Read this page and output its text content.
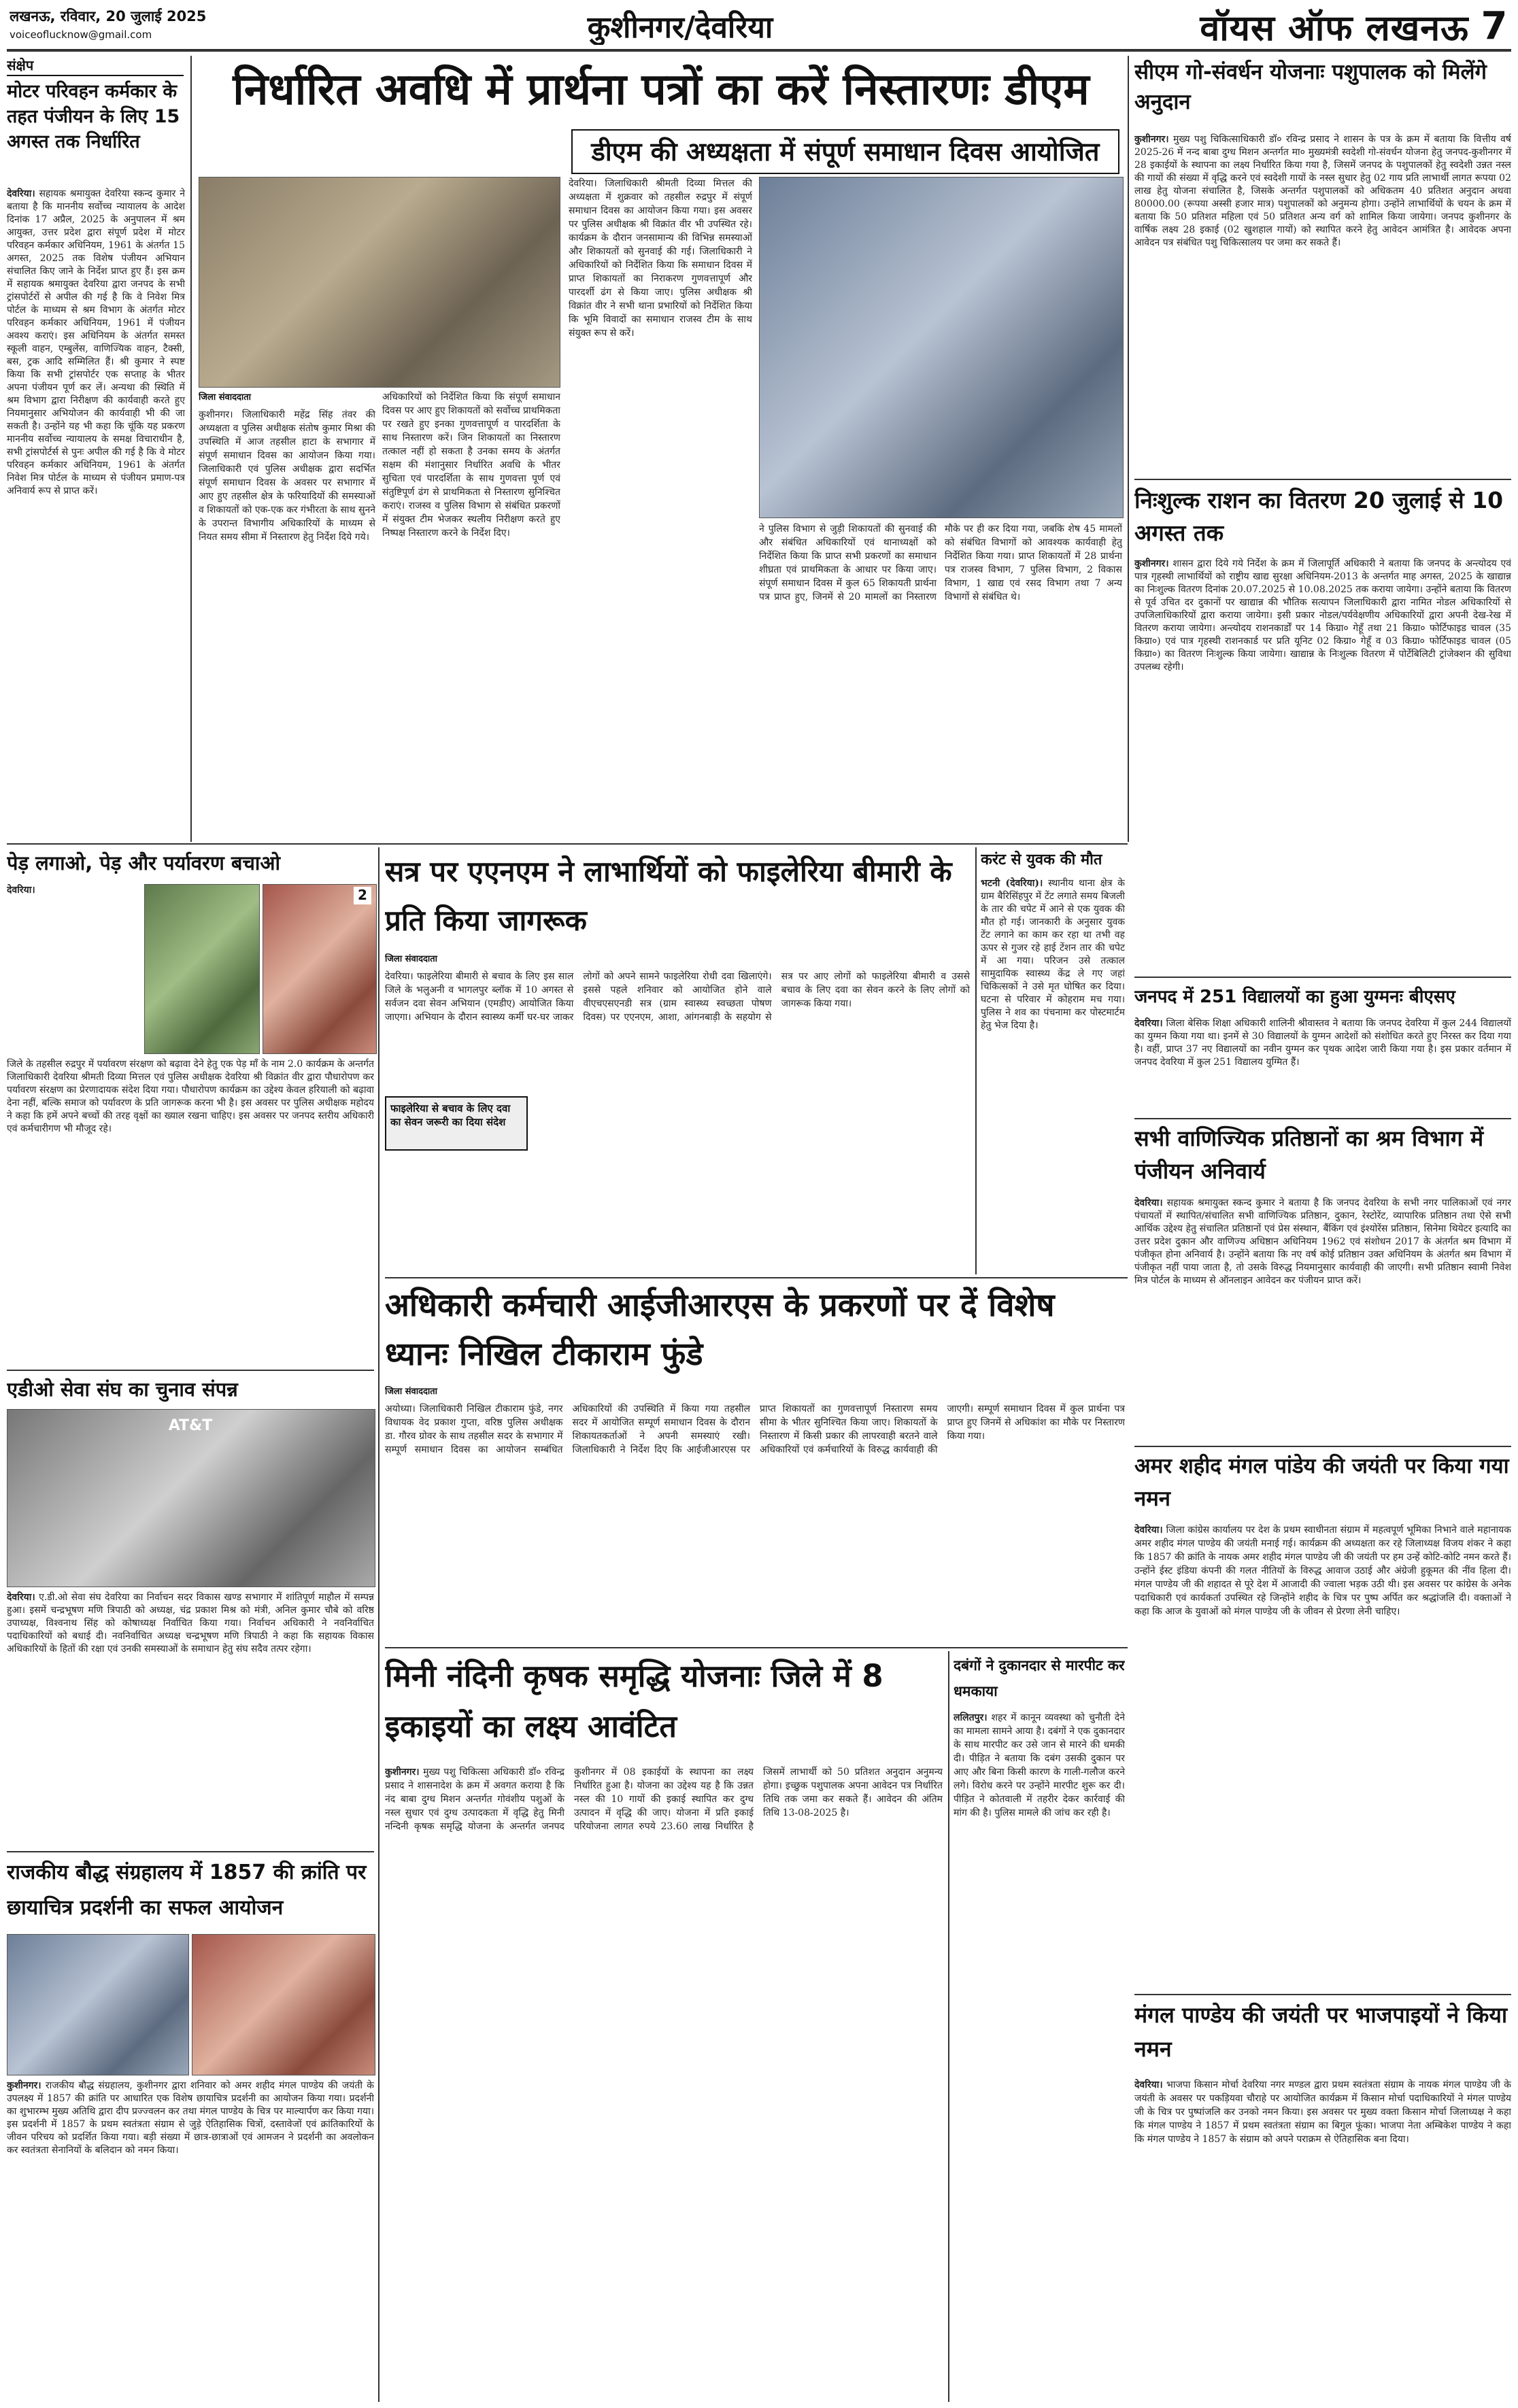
लखनऊ, रविवार, 20 जुलाई 2025
voiceoflucknow@gmail.com	कुशीनगर/देवरिया	वॉयस ऑफ लखनऊ 7
संक्षेप
मोटर परिवहन कर्मकार के तहत पंजीयन के लिए 15 अगस्त तक निर्धारित
देवरिया। सहायक श्रमायुक्त देवरिया स्कन्द कुमार ने बताया है कि माननीय सर्वोच्च न्यायालय के आदेश दिनांक 17 अप्रैल, 2025 के अनुपालन में श्रम आयुक्त, उत्तर प्रदेश द्वारा संपूर्ण प्रदेश में मोटर परिवहन कर्मकार अधिनियम, 1961 के अंतर्गत 15 अगस्त, 2025 तक विशेष पंजीयन अभियान संचालित किए जाने के निर्देश प्राप्त हुए हैं। इस क्रम में सहायक श्रमायुक्त देवरिया द्वारा जनपद के सभी ट्रांसपोर्टरों से अपील की गई है कि वे निवेश मित्र पोर्टल के माध्यम से श्रम विभाग के अंतर्गत मोटर परिवहन कर्मकार अधिनियम, 1961 में पंजीयन अवश्य कराएं। इस अधिनियम के अंतर्गत समस्त स्कूली वाहन, एम्बुलेंस, वाणिज्यिक वाहन, टैक्सी, बस, ट्रक आदि सम्मिलित हैं। श्री कुमार ने स्पष्ट किया कि सभी ट्रांसपोर्टर एक सप्ताह के भीतर अपना पंजीयन पूर्ण कर लें। अन्यथा की स्थिति में श्रम विभाग द्वारा निरीक्षण की कार्यवाही करते हुए नियमानुसार अभियोजन की कार्यवाही भी की जा सकती है। उन्होंने यह भी कहा कि चूंकि यह प्रकरण माननीय सर्वोच्च न्यायालय के समक्ष विचाराधीन है, सभी ट्रांसपोर्टर्स से पुनः अपील की गई है कि वे मोटर परिवहन कर्मकार अधिनियम, 1961 के अंतर्गत निवेश मित्र पोर्टल के माध्यम से पंजीयन प्रमाण-पत्र अनिवार्य रूप से प्राप्त करें।
निर्धारित अवधि में प्रार्थना पत्रों का करें निस्तारणः डीएम
डीएम की अध्यक्षता में संपूर्ण समाधान दिवस आयोजित
जिला संवाददाता
कुशीनगर। जिलाधिकारी महेंद्र सिंह तंवर की अध्यक्षता व पुलिस अधीक्षक संतोष कुमार मिश्रा की उपस्थिति में आज तहसील हाटा के सभागार में संपूर्ण समाधान दिवस का आयोजन किया गया। जिलाधिकारी एवं पुलिस अधीक्षक द्वारा सदर्भित संपूर्ण समाधान दिवस के अवसर पर सभागार में आए हुए तहसील क्षेत्र के फरियादियों की समस्याओं व शिकायतों को एक-एक कर गंभीरता के साथ सुनने के उपरान्त विभागीय अधिकारियों के माध्यम से नियत समय सीमा में निस्तारण हेतु निर्देश दिये गये।
अधिकारियों को निर्देशित किया कि संपूर्ण समाधान दिवस पर आए हुए शिकायतों को सर्वोच्च प्राथमिकता पर रखते हुए इनका गुणवत्तापूर्ण व पारदर्शिता के साथ निस्तारण करें। जिन शिकायतों का निस्तारण तत्काल नहीं हो सकता है उनका समय के अंतर्गत सक्षम की मंशानुसार निर्धारित अवधि के भीतर सुचिता एवं पारदर्शिता के साथ गुणवत्ता पूर्ण एवं संतुष्टिपूर्ण ढंग से प्राथमिकता से निस्तारण सुनिश्चित कराएं। राजस्व व पुलिस विभाग से संबंधित प्रकरणों में संयुक्त टीम भेजकर स्थलीय निरीक्षण करते हुए निष्पक्ष निस्तारण करने के निर्देश दिए।
देवरिया। जिलाधिकारी श्रीमती दिव्या मित्तल की अध्यक्षता में शुक्रवार को तहसील रुद्रपुर में संपूर्ण समाधान दिवस का आयोजन किया गया। इस अवसर पर पुलिस अधीक्षक श्री विक्रांत वीर भी उपस्थित रहे। कार्यक्रम के दौरान जनसामान्य की विभिन्न समस्याओं और शिकायतों को सुनवाई की गई। जिलाधिकारी ने अधिकारियों को निर्देशित किया कि समाधान दिवस में प्राप्त शिकायतों का निराकरण गुणवत्तापूर्ण और पारदर्शी ढंग से किया जाए। पुलिस अधीक्षक श्री विक्रांत वीर ने सभी थाना प्रभारियों को निर्देशित किया कि भूमि विवादों का समाधान राजस्व टीम के साथ संयुक्त रूप से करें।
ने पुलिस विभाग से जुड़ी शिकायतों की सुनवाई की और संबंधित अधिकारियों एवं थानाध्यक्षों को निर्देशित किया कि प्राप्त सभी प्रकरणों का समाधान शीघ्रता एवं प्राथमिकता के आधार पर किया जाए। संपूर्ण समाधान दिवस में कुल 65 शिकायती प्रार्थना पत्र प्राप्त हुए, जिनमें से 20 मामलों का निस्तारण मौके पर ही कर दिया गया, जबकि शेष 45 मामलों को संबंधित विभागों को आवश्यक कार्यवाही हेतु निर्देशित किया गया। प्राप्त शिकायतों में 28 प्रार्थना पत्र राजस्व विभाग, 7 पुलिस विभाग, 2 विकास विभाग, 1 खाद्य एवं रसद विभाग तथा 7 अन्य विभागों से संबंधित थे।
सीएम गो-संवर्धन योजनाः पशुपालक को मिलेंगे अनुदान
कुशीनगर। मुख्य पशु चिकित्साधिकारी डॉ० रविन्द्र प्रसाद ने शासन के पत्र के क्रम में बताया कि वित्तीय वर्ष 2025-26 में नन्द बाबा दुग्ध मिशन अन्तर्गत मा० मुख्यमंत्री स्वदेशी गो-संवर्धन योजना हेतु जनपद-कुशीनगर में 28 इकाईयों के स्थापना का लक्ष्य निर्धारित किया गया है, जिसमें जनपद के पशुपालकों हेतु स्वदेशी उन्नत नस्ल की गायों की संख्या में वृद्धि करने एवं स्वदेशी गायों के नस्ल सुधार हेतु 02 गाय प्रति लाभार्थी लागत रूपया 02 लाख हेतु योजना संचालित है, जिसके अन्तर्गत पशुपालकों को अधिकतम 40 प्रतिशत अनुदान अथवा 80000.00 (रूपया अस्सी हजार मात्र) पशुपालकों को अनुमन्य होगा। उन्होंने लाभार्थियों के चयन के क्रम में बताया कि 50 प्रतिशत महिला एवं 50 प्रतिशत अन्य वर्ग को शामिल किया जायेगा। जनपद कुशीनगर के वार्षिक लक्ष्य 28 इकाई (02 खुशहाल गायों) को स्थापित करने हेतु आवेदन आमंत्रित है। आवेदक अपना आवेदन पत्र संबंधित पशु चिकित्सालय पर जमा कर सकते हैं।
निःशुल्क राशन का वितरण 20 जुलाई से 10 अगस्त तक
कुशीनगर। शासन द्वारा दिये गये निर्देश के क्रम में जिलापूर्ति अधिकारी ने बताया कि जनपद के अन्त्योदय एवं पात्र गृहस्थी लाभार्थियों को राष्ट्रीय खाद्य सुरक्षा अधिनियम-2013 के अन्तर्गत माह अगस्त, 2025 के खाद्यान्न का निःशुल्क वितरण दिनांक 20.07.2025 से 10.08.2025 तक कराया जायेगा। उन्होंने बताया कि वितरण से पूर्व उचित दर दुकानों पर खाद्यान्न की भौतिक सत्यापन जिलाधिकारी द्वारा नामित नोडल अधिकारियों से उपजिलाधिकारियों द्वारा कराया जायेगा। इसी प्रकार नोडल/पर्यवेक्षणीय अधिकारियों द्वारा अपनी देख-रेख में वितरण कराया जायेगा। अन्त्योदय राशनकार्डों पर 14 किग्रा० गेहूँ तथा 21 किग्रा० फोर्टिफाइड चावल (35 किग्रा०) एवं पात्र गृहस्थी राशनकार्ड पर प्रति यूनिट 02 किग्रा० गेहूँ व 03 किग्रा० फोर्टिफाइड चावल (05 किग्रा०) का वितरण निःशुल्क किया जायेगा। खाद्यान्न के निःशुल्क वितरण में पोर्टेबिलिटी ट्रांजेक्शन की सुविधा उपलब्ध रहेगी।
जनपद में 251 विद्यालयों का हुआ युग्मनः बीएसए
देवरिया। जिला बेसिक शिक्षा अधिकारी शालिनी श्रीवास्तव ने बताया कि जनपद देवरिया में कुल 244 विद्यालयों का युग्मन किया गया था। इनमें से 30 विद्यालयों के युग्मन आदेशों को संशोधित करते हुए निरस्त कर दिया गया है। वहीं, प्राप्त 37 नए विद्यालयों का नवीन युग्मन कर पृथक आदेश जारी किया गया है। इस प्रकार वर्तमान में जनपद देवरिया में कुल 251 विद्यालय युग्मित हैं।
सभी वाणिज्यिक प्रतिष्ठानों का श्रम विभाग में पंजीयन अनिवार्य
देवरिया। सहायक श्रमायुक्त स्कन्द कुमार ने बताया है कि जनपद देवरिया के सभी नगर पालिकाओं एवं नगर पंचायतों में स्थापित/संचालित सभी वाणिज्यिक प्रतिष्ठान, दुकान, रेस्टोरेंट, व्यापारिक प्रतिष्ठान तथा ऐसे सभी आर्थिक उद्देश्य हेतु संचालित प्रतिष्ठानों एवं प्रेस संस्थान, बैंकिंग एवं इंश्योरेंस प्रतिष्ठान, सिनेमा थियेटर इत्यादि का उत्तर प्रदेश दुकान और वाणिज्य अधिष्ठान अधिनियम 1962 एवं संशोधन 2017 के अंतर्गत श्रम विभाग में पंजीकृत होना अनिवार्य है। उन्होंने बताया कि नए वर्ष कोई प्रतिष्ठान उक्त अधिनियम के अंतर्गत श्रम विभाग में पंजीकृत नहीं पाया जाता है, तो उसके विरुद्ध नियमानुसार कार्यवाही की जाएगी। सभी प्रतिष्ठान स्वामी निवेश मित्र पोर्टल के माध्यम से ऑनलाइन आवेदन कर पंजीयन प्राप्त करें।
अमर शहीद मंगल पांडेय की जयंती पर किया गया नमन
देवरिया। जिला कांग्रेस कार्यालय पर देश के प्रथम स्वाधीनता संग्राम में महत्वपूर्ण भूमिका निभाने वाले महानायक अमर शहीद मंगल पाण्डेय की जयंती मनाई गई। कार्यक्रम की अध्यक्षता कर रहे जिलाध्यक्ष विजय शंकर ने कहा कि 1857 की क्रांति के नायक अमर शहीद मंगल पाण्डेय जी की जयंती पर हम उन्हें कोटि-कोटि नमन करते हैं। उन्होंने ईस्ट इंडिया कंपनी की गलत नीतियों के विरुद्ध आवाज उठाई और अंग्रेजी हुकूमत की नींव हिला दी। मंगल पाण्डेय जी की शहादत से पूरे देश में आजादी की ज्वाला भड़क उठी थी। इस अवसर पर कांग्रेस के अनेक पदाधिकारी एवं कार्यकर्ता उपस्थित रहे जिन्होंने शहीद के चित्र पर पुष्प अर्पित कर श्रद्धांजलि दी। वक्ताओं ने कहा कि आज के युवाओं को मंगल पाण्डेय जी के जीवन से प्रेरणा लेनी चाहिए।
मंगल पाण्डेय की जयंती पर भाजपाइयों ने किया नमन
देवरिया। भाजपा किसान मोर्चा देवरिया नगर मण्डल द्वारा प्रथम स्वतंत्रता संग्राम के नायक मंगल पाण्डेय जी के जयंती के अवसर पर पकड़ियवा चौराहे पर आयोजित कार्यक्रम में किसान मोर्चा पदाधिकारियों ने मंगल पाण्डेय जी के चित्र पर पुष्पांजलि कर उनको नमन किया। इस अवसर पर मुख्य वक्ता किसान मोर्चा जिलाध्यक्ष ने कहा कि मंगल पाण्डेय ने 1857 में प्रथम स्वतंत्रता संग्राम का बिगुल फूंका। भाजपा नेता अम्बिकेश पाण्डेय ने कहा कि मंगल पाण्डेय ने 1857 के संग्राम को अपने पराक्रम से ऐतिहासिक बना दिया।
पेड़ लगाओ, पेड़ और पर्यावरण बचाओ
देवरिया।	2
जिले के तहसील रुद्रपुर में पर्यावरण संरक्षण को बढ़ावा देने हेतु एक पेड़ माँ के नाम 2.0 कार्यक्रम के अन्तर्गत जिलाधिकारी देवरिया श्रीमती दिव्या मित्तल एवं पुलिस अधीक्षक देवरिया श्री विक्रांत वीर द्वारा पौधारोपण कर पर्यावरण संरक्षण का प्रेरणादायक संदेश दिया गया। पौधारोपण कार्यक्रम का उद्देश्य केवल हरियाली को बढ़ावा देना नहीं, बल्कि समाज को पर्यावरण के प्रति जागरूक करना भी है। इस अवसर पर पुलिस अधीक्षक महोदय ने कहा कि हमें अपने बच्चों की तरह वृक्षों का ख्याल रखना चाहिए। इस अवसर पर जनपद स्तरीय अधिकारी एवं कर्मचारीगण भी मौजूद रहे।
एडीओ सेवा संघ का चुनाव संपन्न
AT&T
देवरिया। ए.डी.ओ सेवा संघ देवरिया का निर्वाचन सदर विकास खण्ड सभागार में शांतिपूर्ण माहौल में सम्पन्न हुआ। इसमें चन्द्रभूषण मणि त्रिपाठी को अध्यक्ष, चंद्र प्रकाश मिश्र को मंत्री, अनिल कुमार चौबे को वरिष्ठ उपाध्यक्ष, विश्वनाथ सिंह को कोषाध्यक्ष निर्वाचित किया गया। निर्वाचन अधिकारी ने नवनिर्वाचित पदाधिकारियों को बधाई दी। नवनिर्वाचित अध्यक्ष चन्द्रभूषण मणि त्रिपाठी ने कहा कि सहायक विकास अधिकारियों के हितों की रक्षा एवं उनकी समस्याओं के समाधान हेतु संघ सदैव तत्पर रहेगा।
राजकीय बौद्ध संग्रहालय में 1857 की क्रांति पर छायाचित्र प्रदर्शनी का सफल आयोजन
कुशीनगर। राजकीय बौद्ध संग्रहालय, कुशीनगर द्वारा शनिवार को अमर शहीद मंगल पाण्डेय की जयंती के उपलक्ष्य में 1857 की क्रांति पर आधारित एक विशेष छायाचित्र प्रदर्शनी का आयोजन किया गया। प्रदर्शनी का शुभारम्भ मुख्य अतिथि द्वारा दीप प्रज्ज्वलन कर तथा मंगल पाण्डेय के चित्र पर माल्यार्पण कर किया गया। इस प्रदर्शनी में 1857 के प्रथम स्वतंत्रता संग्राम से जुड़े ऐतिहासिक चित्रों, दस्तावेजों एवं क्रांतिकारियों के जीवन परिचय को प्रदर्शित किया गया। बड़ी संख्या में छात्र-छात्राओं एवं आमजन ने प्रदर्शनी का अवलोकन कर स्वतंत्रता सेनानियों के बलिदान को नमन किया।
सत्र पर एएनएम ने लाभार्थियों को फाइलेरिया बीमारी के प्रति किया जागरूक
जिला संवाददाता
फाइलेरिया से बचाव के लिए दवा का सेवन जरूरी का दिया संदेश
देवरिया। फाइलेरिया बीमारी से बचाव के लिए इस साल जिले के भलुअनी व भागलपुर ब्लॉक में 10 अगस्त से सर्वजन दवा सेवन अभियान (एमडीए) आयोजित किया जाएगा। अभियान के दौरान स्वास्थ्य कर्मी घर-घर जाकर लोगों को अपने सामने फाइलेरिया रोधी दवा खिलाएंगे। इससे पहले शनिवार को आयोजित होने वाले वीएचएसएनडी सत्र (ग्राम स्वास्थ्य स्वच्छता पोषण दिवस) पर एएनएम, आशा, आंगनबाड़ी के सहयोग से सत्र पर आए लोगों को फाइलेरिया बीमारी व उससे बचाव के लिए दवा का सेवन करने के लिए लोगों को जागरूक किया गया।
करंट से युवक की मौत
भटनी (देवरिया)। स्थानीय थाना क्षेत्र के ग्राम बैरिसिंहपुर में टेंट लगाते समय बिजली के तार की चपेट में आने से एक युवक की मौत हो गई। जानकारी के अनुसार युवक टेंट लगाने का काम कर रहा था तभी वह ऊपर से गुजर रहे हाई टेंशन तार की चपेट में आ गया। परिजन उसे तत्काल सामुदायिक स्वास्थ्य केंद्र ले गए जहां चिकित्सकों ने उसे मृत घोषित कर दिया। घटना से परिवार में कोहराम मच गया। पुलिस ने शव का पंचनामा कर पोस्टमार्टम हेतु भेज दिया है।
अधिकारी कर्मचारी आईजीआरएस के प्रकरणों पर दें विशेष ध्यानः निखिल टीकाराम फुंडे
जिला संवाददाता
अयोध्या। जिलाधिकारी निखिल टीकाराम फुंडे, नगर विधायक वेद प्रकाश गुप्ता, वरिष्ठ पुलिस अधीक्षक डा. गौरव ग्रोवर के साथ तहसील सदर के सभागार में सम्पूर्ण समाधान दिवस का आयोजन सम्बंधित अधिकारियों की उपस्थिति में किया गया तहसील सदर में आयोजित सम्पूर्ण समाधान दिवस के दौरान शिकायतकर्ताओं ने अपनी समस्याएं रखी। जिलाधिकारी ने निर्देश दिए कि आईजीआरएस पर प्राप्त शिकायतों का गुणवत्तापूर्ण निस्तारण समय सीमा के भीतर सुनिश्चित किया जाए। शिकायतों के निस्तारण में किसी प्रकार की लापरवाही बरतने वाले अधिकारियों एवं कर्मचारियों के विरुद्ध कार्यवाही की जाएगी। सम्पूर्ण समाधान दिवस में कुल प्रार्थना पत्र प्राप्त हुए जिनमें से अधिकांश का मौके पर निस्तारण किया गया।
मिनी नंदिनी कृषक समृद्धि योजनाः जिले में 8 इकाइयों का लक्ष्य आवंटित
कुशीनगर। मुख्य पशु चिकित्सा अधिकारी डॉ० रविन्द्र प्रसाद ने शासनादेश के क्रम में अवगत कराया है कि नंद बाबा दुग्ध मिशन अन्तर्गत गोवंशीय पशुओं के नस्ल सुधार एवं दुग्ध उत्पादकता में वृद्धि हेतु मिनी नन्दिनी कृषक समृद्धि योजना के अन्तर्गत जनपद कुशीनगर में 08 इकाईयों के स्थापना का लक्ष्य निर्धारित हुआ है। योजना का उद्देश्य यह है कि उन्नत नस्ल की 10 गायों की इकाई स्थापित कर दुग्ध उत्पादन में वृद्धि की जाए। योजना में प्रति इकाई परियोजना लागत रुपये 23.60 लाख निर्धारित है जिसमें लाभार्थी को 50 प्रतिशत अनुदान अनुमन्य होगा। इच्छुक पशुपालक अपना आवेदन पत्र निर्धारित तिथि तक जमा कर सकते हैं। आवेदन की अंतिम तिथि 13-08-2025 है।
दबंगों ने दुकानदार से मारपीट कर धमकाया
ललितपुर। शहर में कानून व्यवस्था को चुनौती देने का मामला सामने आया है। दबंगों ने एक दुकानदार के साथ मारपीट कर उसे जान से मारने की धमकी दी। पीड़ित ने बताया कि दबंग उसकी दुकान पर आए और बिना किसी कारण के गाली-गलौज करने लगे। विरोध करने पर उन्होंने मारपीट शुरू कर दी। पीड़ित ने कोतवाली में तहरीर देकर कार्रवाई की मांग की है। पुलिस मामले की जांच कर रही है।
